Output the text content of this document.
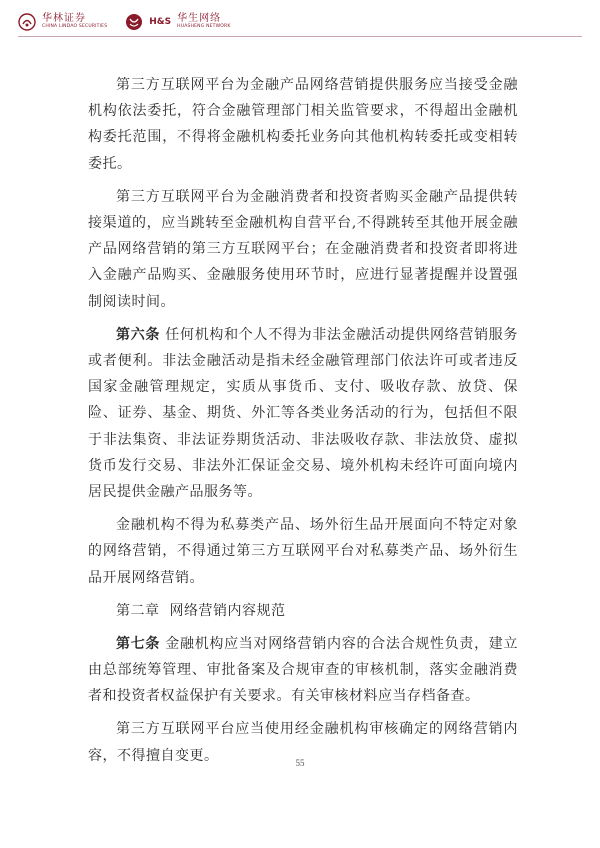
华林证券
CHINA LINDAO SECURITIES	H&S 华生网络
HUASHENG NETWORK

第三方互联网平台为金融产品网络营销提供服务应当接受金融机构依法委托，符合金融管理部门相关监管要求，不得超出金融机构委托范围，不得将金融机构委托业务向其他机构转委托或变相转委托。

第三方互联网平台为金融消费者和投资者购买金融产品提供转接渠道的，应当跳转至金融机构自营平台,不得跳转至其他开展金融产品网络营销的第三方互联网平台；在金融消费者和投资者即将进入金融产品购买、金融服务使用环节时，应进行显著提醒并设置强制阅读时间。

第六条 任何机构和个人不得为非法金融活动提供网络营销服务或者便利。非法金融活动是指未经金融管理部门依法许可或者违反国家金融管理规定，实质从事货币、支付、吸收存款、放贷、保险、证券、基金、期货、外汇等各类业务活动的行为，包括但不限于非法集资、非法证券期货活动、非法吸收存款、非法放贷、虚拟货币发行交易、非法外汇保证金交易、境外机构未经许可面向境内居民提供金融产品服务等。

金融机构不得为私募类产品、场外衍生品开展面向不特定对象的网络营销，不得通过第三方互联网平台对私募类产品、场外衍生品开展网络营销。

第二章 网络营销内容规范

第七条 金融机构应当对网络营销内容的合法合规性负责，建立由总部统筹管理、审批备案及合规审查的审核机制，落实金融消费者和投资者权益保护有关要求。有关审核材料应当存档备查。

第三方互联网平台应当使用经金融机构审核确定的网络营销内容，不得擅自变更。	55
